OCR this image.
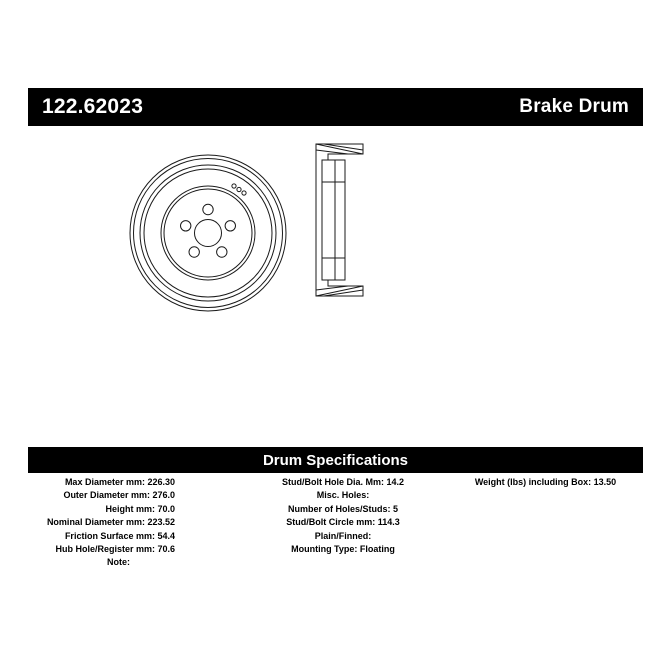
122.62023	Brake Drum
Drum Specifications
Max Diameter mm: 226.30
Outer Diameter mm: 276.0
Height mm: 70.0
Nominal Diameter mm: 223.52
Friction Surface mm: 54.4
Hub Hole/Register mm: 70.6
Note:
Stud/Bolt Hole Dia. Mm: 14.2
Misc. Holes:
Number of Holes/Studs: 5
Stud/Bolt Circle mm: 114.3
Plain/Finned:
Mounting Type: Floating
Weight (lbs) including Box: 13.50
